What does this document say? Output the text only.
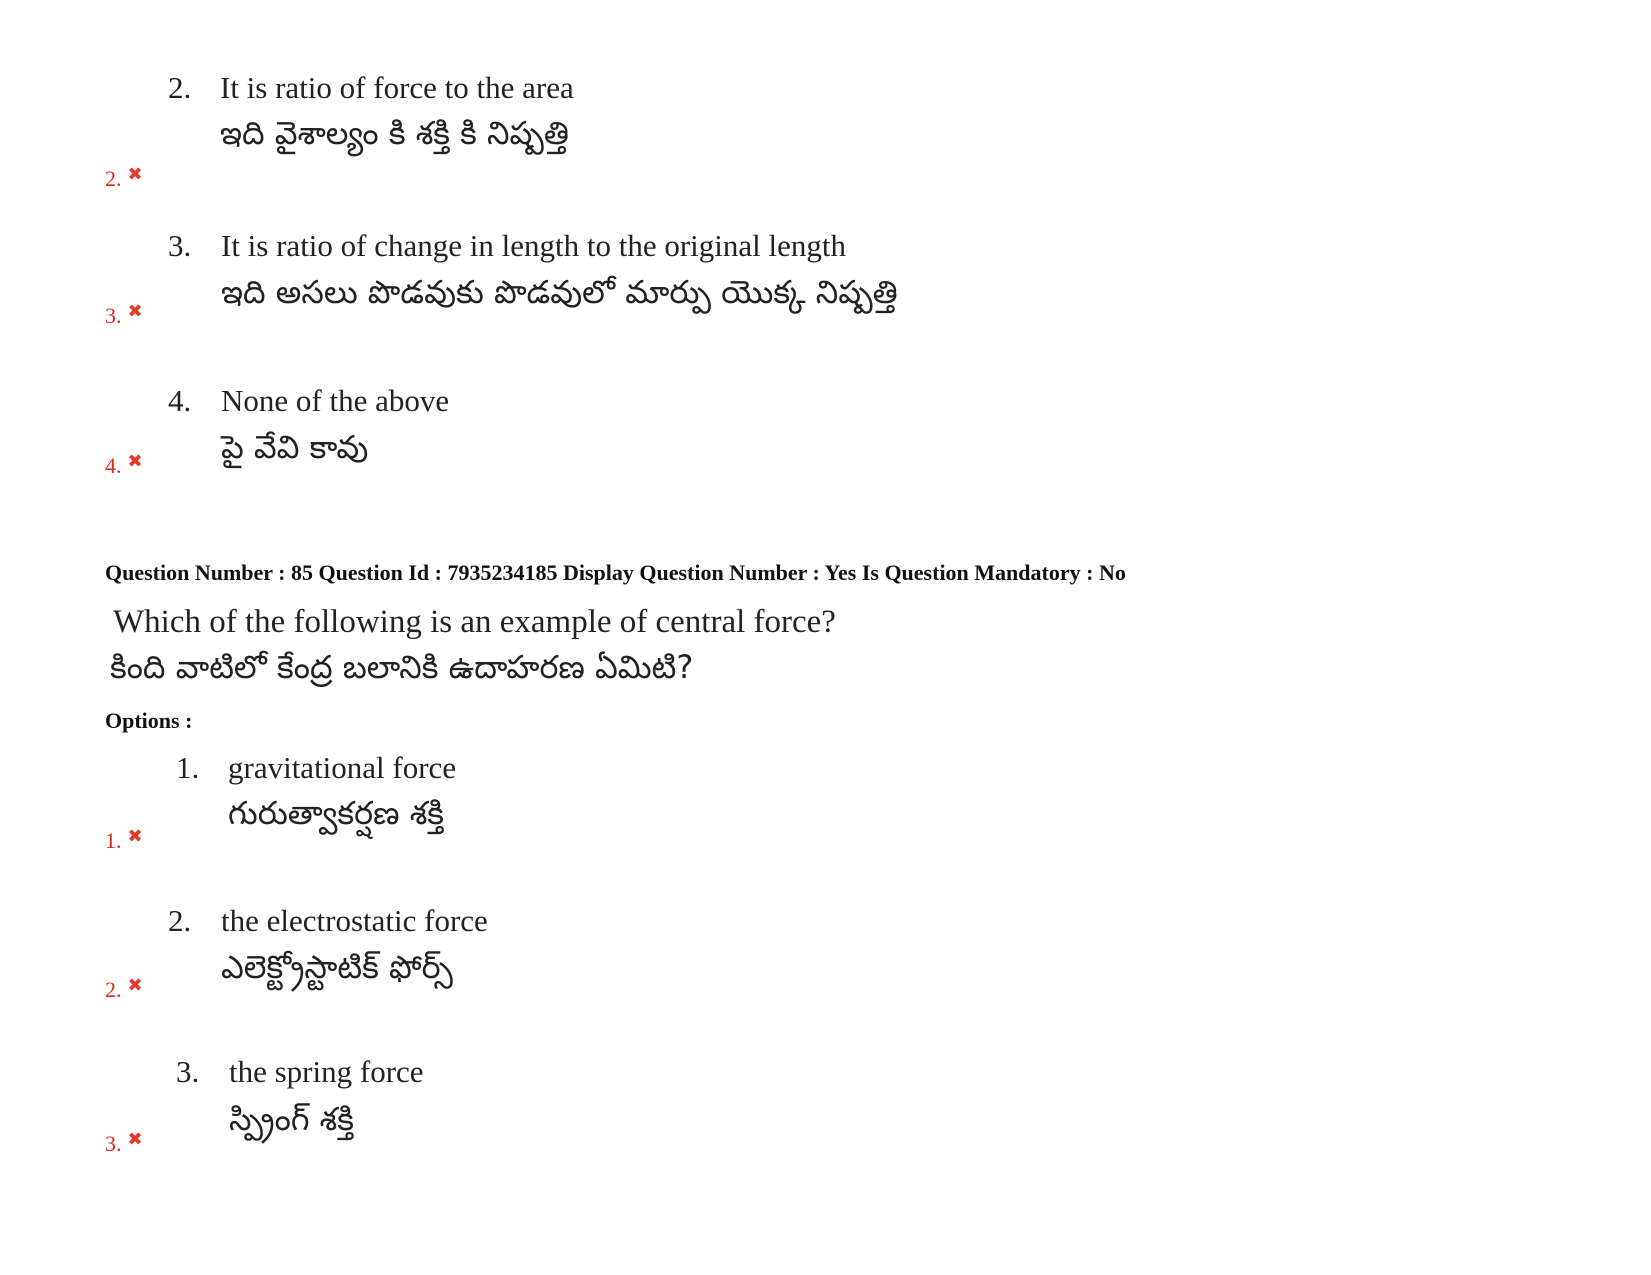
2. It is ratio of force to the area
ఇది వైశాల్యం కి శక్తి కి నిష్పత్తి
2. ✖
3. It is ratio of change in length to the original length
ఇది అసలు పొడవుకు పొడవులో మార్పు యొక్క నిష్పత్తి
3. ✖
4. None of the above
పై వేవి కావు
4. ✖
Question Number : 85 Question Id : 7935234185 Display Question Number : Yes Is Question Mandatory : No
Which of the following is an example of central force?
కింది వాటిలో కేంద్ర బలానికి ఉదాహరణ ఏమిటి?
Options :
1. gravitational force
గురుత్వాకర్షణ శక్తి
1. ✖
2. the electrostatic force
ఎలెక్ట్రోస్టాటిక్ ఫోర్స్
2. ✖
3. the spring force
స్ప్రింగ్ శక్తి
3. ✖
